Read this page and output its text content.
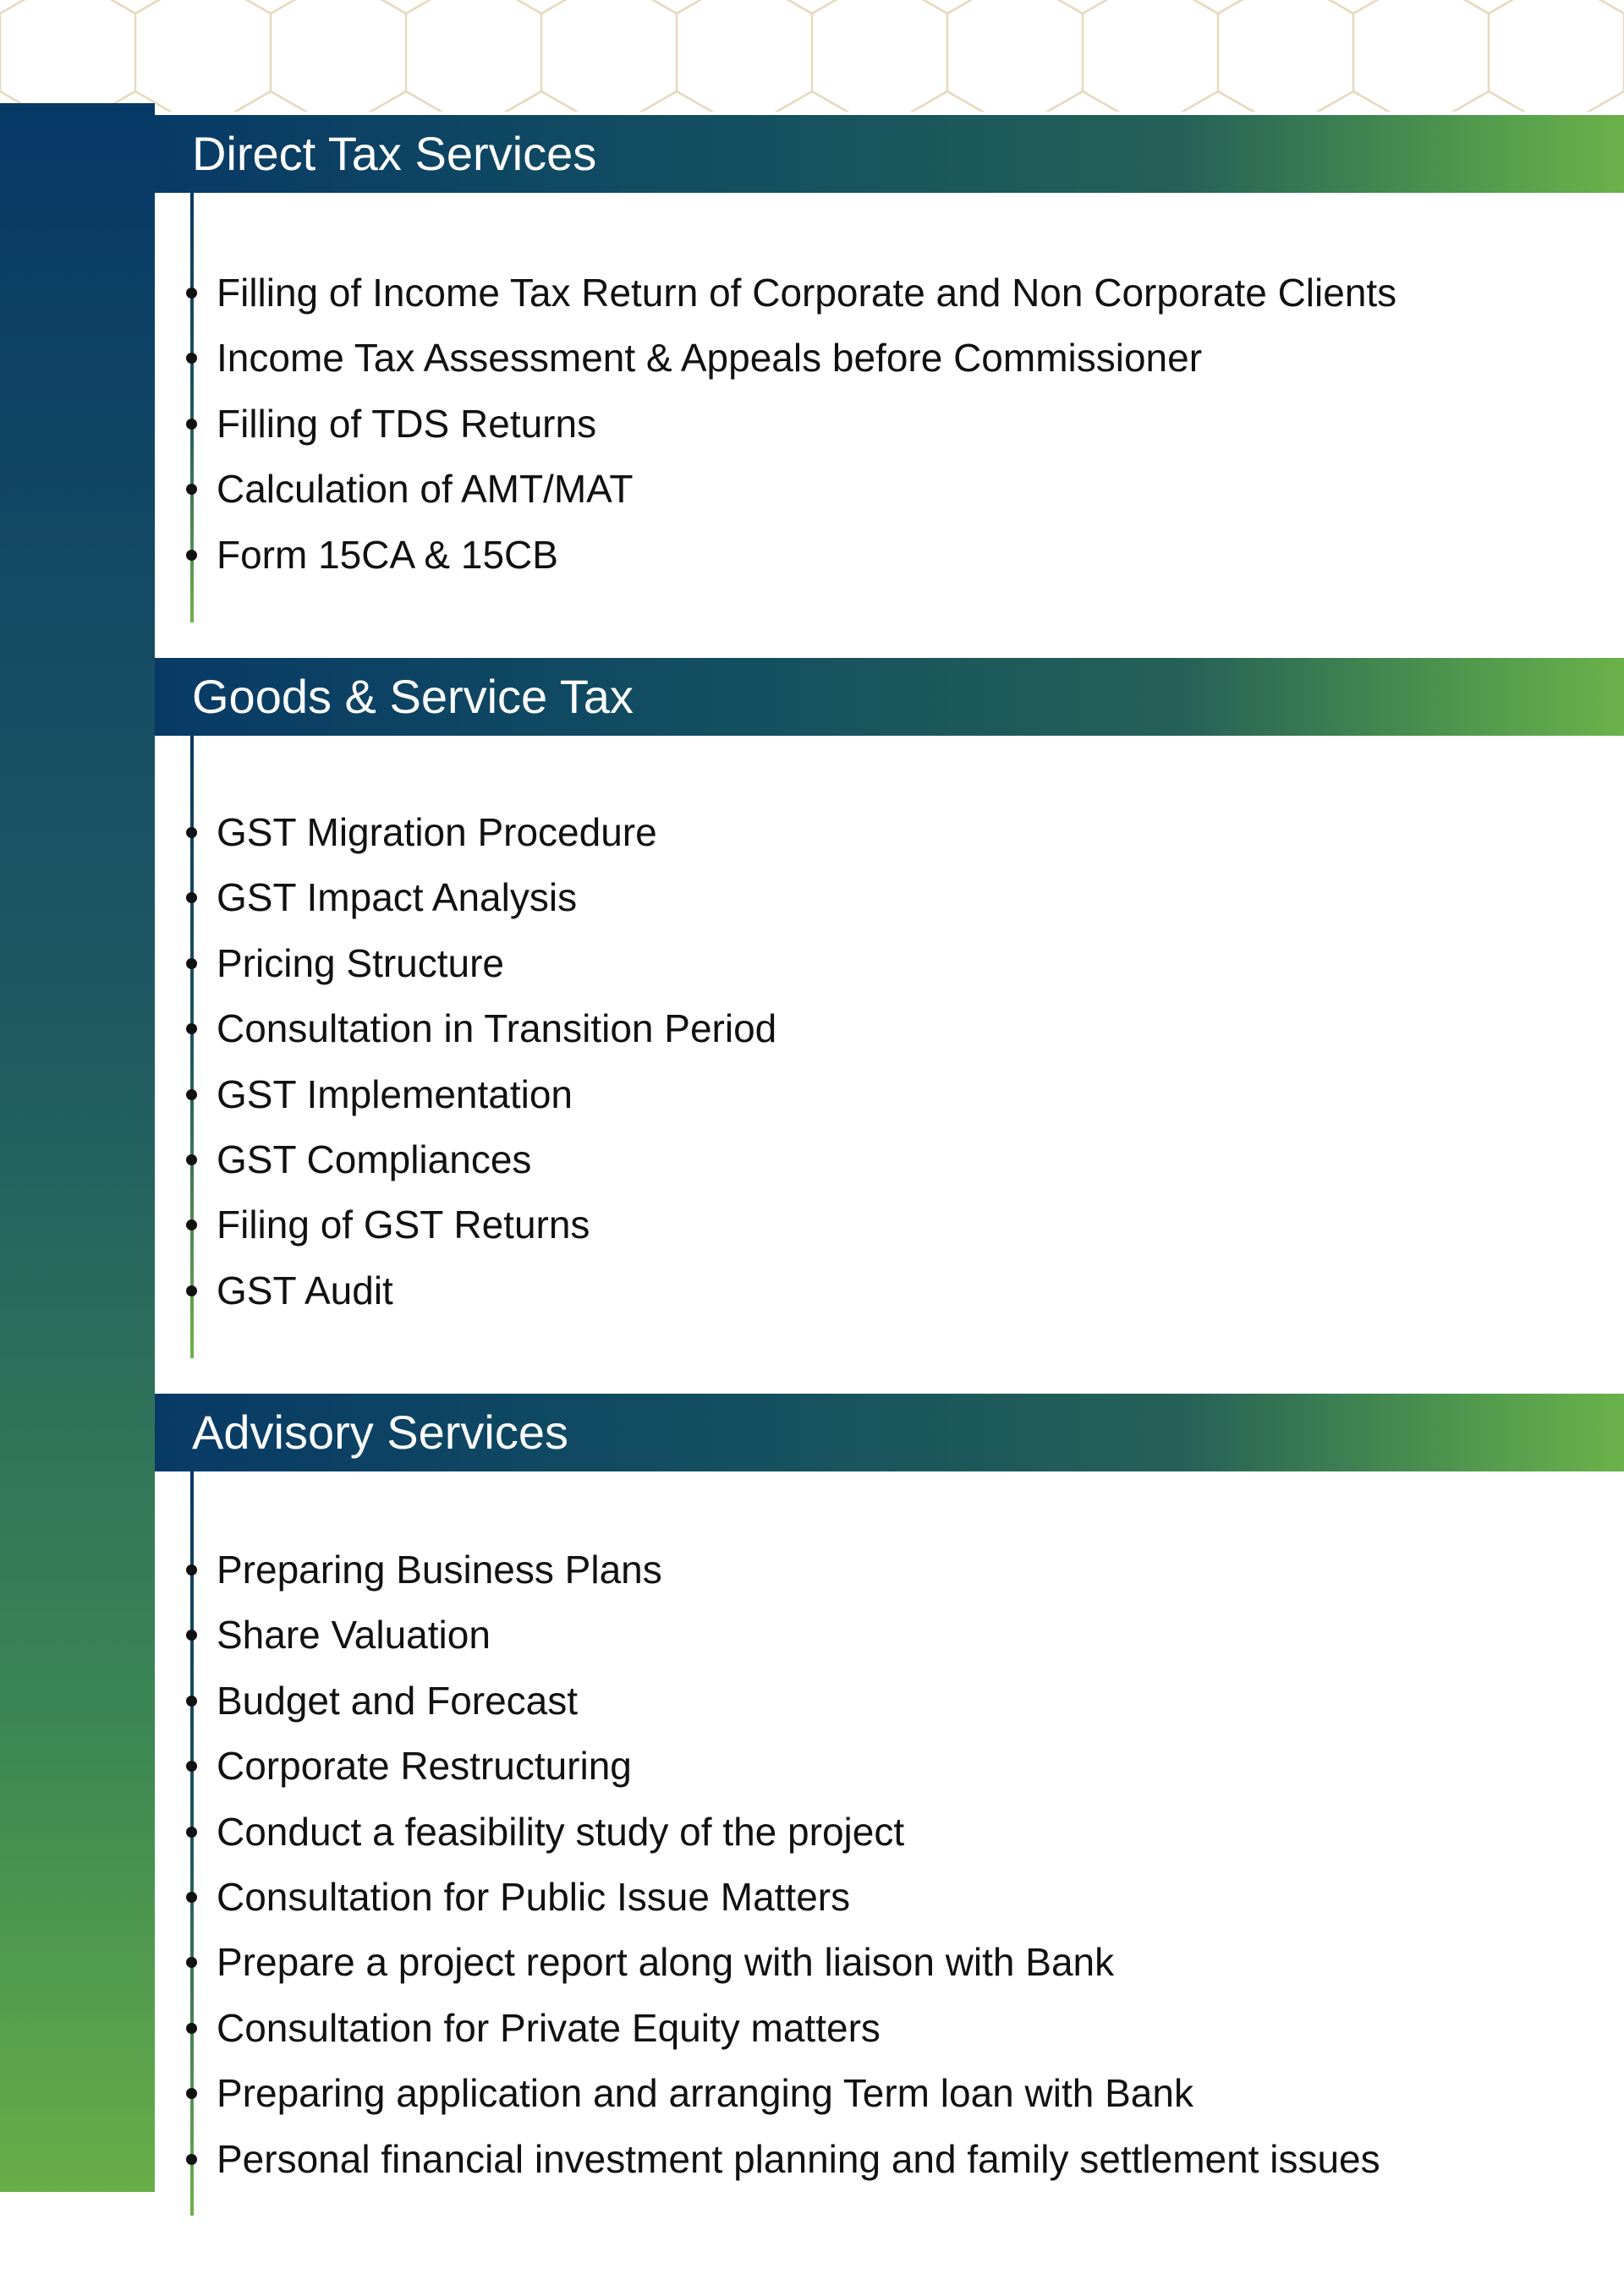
Direct Tax Services
Filling of Income Tax Return of Corporate and Non Corporate Clients
Income Tax Assessment & Appeals before Commissioner
Filling of TDS Returns
Calculation of AMT/MAT
Form 15CA & 15CB
Goods & Service Tax
GST Migration Procedure
GST Impact Analysis
Pricing Structure
Consultation in Transition Period
GST Implementation
GST Compliances
Filing of GST Returns
GST Audit
Advisory Services
Preparing Business Plans
Share Valuation
Budget and Forecast
Corporate Restructuring
Conduct a feasibility study of the project
Consultation for Public Issue Matters
Prepare a project report along with liaison with Bank
Consultation for Private Equity matters
Preparing application and arranging Term loan with Bank
Personal financial investment planning and family settlement issues
